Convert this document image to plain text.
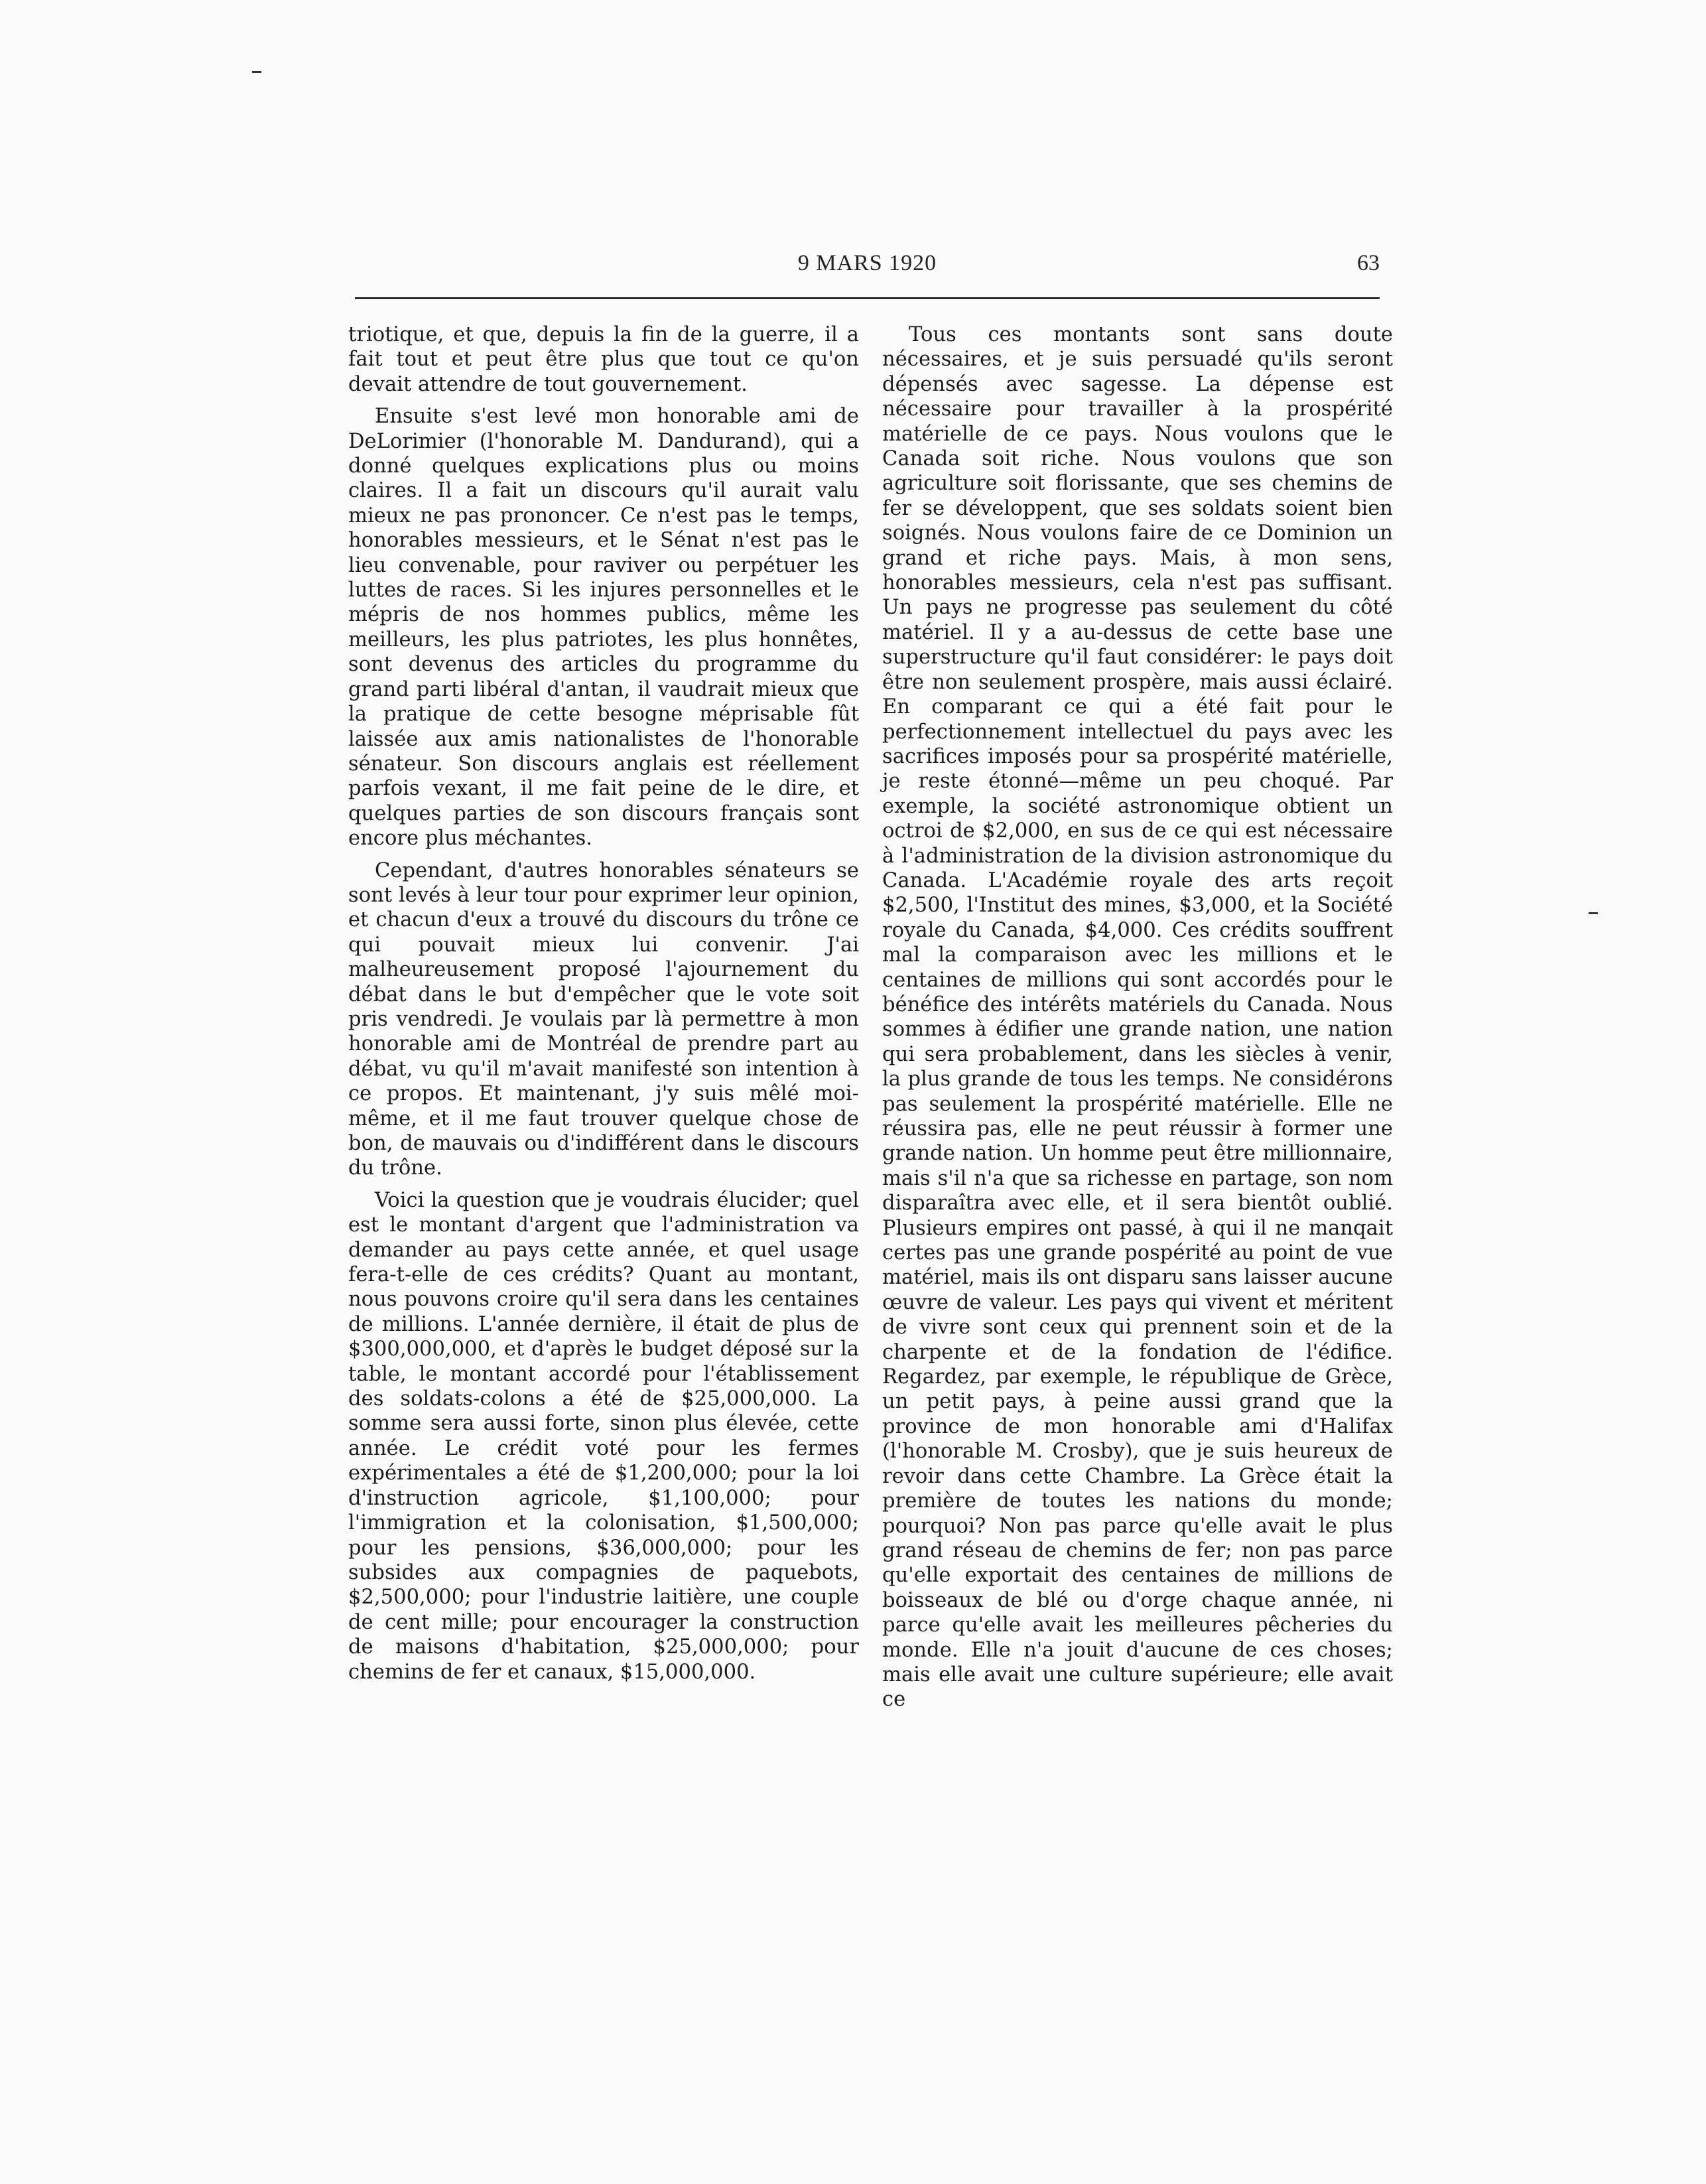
9 MARS 1920	63

triotique, et que, depuis la fin de la guerre, il a fait tout et peut être plus que tout ce qu'on devait attendre de tout gouvernement.

Ensuite s'est levé mon honorable ami de DeLorimier (l'honorable M. Dandurand), qui a donné quelques explications plus ou moins claires. Il a fait un discours qu'il aurait valu mieux ne pas prononcer. Ce n'est pas le temps, honorables messieurs, et le Sénat n'est pas le lieu convenable, pour raviver ou perpétuer les luttes de races. Si les injures personnelles et le mépris de nos hommes publics, même les meilleurs, les plus patriotes, les plus honnêtes, sont devenus des articles du programme du grand parti libéral d'antan, il vaudrait mieux que la pratique de cette besogne méprisable fût laissée aux amis nationalistes de l'honorable sénateur. Son discours anglais est réellement parfois vexant, il me fait peine de le dire, et quelques parties de son discours français sont encore plus méchantes.

Cependant, d'autres honorables sénateurs se sont levés à leur tour pour exprimer leur opinion, et chacun d'eux a trouvé du discours du trône ce qui pouvait mieux lui convenir. J'ai malheureusement proposé l'ajournement du débat dans le but d'empêcher que le vote soit pris vendredi. Je voulais par là permettre à mon honorable ami de Montréal de prendre part au débat, vu qu'il m'avait manifesté son intention à ce propos. Et maintenant, j'y suis mêlé moi-même, et il me faut trouver quelque chose de bon, de mauvais ou d'indifférent dans le discours du trône.

Voici la question que je voudrais élucider; quel est le montant d'argent que l'administration va demander au pays cette année, et quel usage fera-t-elle de ces crédits? Quant au montant, nous pouvons croire qu'il sera dans les centaines de millions. L'année dernière, il était de plus de $300,000,000, et d'après le budget déposé sur la table, le montant accordé pour l'établissement des soldats-colons a été de $25,000,000. La somme sera aussi forte, sinon plus élevée, cette année. Le crédit voté pour les fermes expérimentales a été de $1,200,000; pour la loi d'instruction agricole, $1,100,000; pour l'immigration et la colonisation, $1,500,000; pour les pensions, $36,000,000; pour les subsides aux compagnies de paquebots, $2,500,000; pour l'industrie laitière, une couple de cent mille; pour encourager la construction de maisons d'habitation, $25,000,000; pour chemins de fer et canaux, $15,000,000.

Tous ces montants sont sans doute nécessaires, et je suis persuadé qu'ils seront dépensés avec sagesse. La dépense est nécessaire pour travailler à la prospérité matérielle de ce pays. Nous voulons que le Canada soit riche. Nous voulons que son agriculture soit florissante, que ses chemins de fer se développent, que ses soldats soient bien soignés. Nous voulons faire de ce Dominion un grand et riche pays. Mais, à mon sens, honorables messieurs, cela n'est pas suffisant. Un pays ne progresse pas seulement du côté matériel. Il y a au-dessus de cette base une superstructure qu'il faut considérer: le pays doit être non seulement prospère, mais aussi éclairé. En comparant ce qui a été fait pour le perfectionnement intellectuel du pays avec les sacrifices imposés pour sa prospérité matérielle, je reste étonné—même un peu choqué. Par exemple, la société astronomique obtient un octroi de $2,000, en sus de ce qui est nécessaire à l'administration de la division astronomique du Canada. L'Académie royale des arts reçoit $2,500, l'Institut des mines, $3,000, et la Société royale du Canada, $4,000. Ces crédits souffrent mal la comparaison avec les millions et le centaines de millions qui sont accordés pour le bénéfice des intérêts matériels du Canada. Nous sommes à édifier une grande nation, une nation qui sera probablement, dans les siècles à venir, la plus grande de tous les temps. Ne considérons pas seulement la prospérité matérielle. Elle ne réussira pas, elle ne peut réussir à former une grande nation. Un homme peut être millionnaire, mais s'il n'a que sa richesse en partage, son nom disparaîtra avec elle, et il sera bientôt oublié. Plusieurs empires ont passé, à qui il ne manqait certes pas une grande pospérité au point de vue matériel, mais ils ont disparu sans laisser aucune œuvre de valeur. Les pays qui vivent et méritent de vivre sont ceux qui prennent soin et de la charpente et de la fondation de l'édifice. Regardez, par exemple, le république de Grèce, un petit pays, à peine aussi grand que la province de mon honorable ami d'Halifax (l'honorable M. Crosby), que je suis heureux de revoir dans cette Chambre. La Grèce était la première de toutes les nations du monde; pourquoi? Non pas parce qu'elle avait le plus grand réseau de chemins de fer; non pas parce qu'elle exportait des centaines de millions de boisseaux de blé ou d'orge chaque année, ni parce qu'elle avait les meilleures pêcheries du monde. Elle n'a jouit d'aucune de ces choses; mais elle avait une culture supérieure; elle avait ce
